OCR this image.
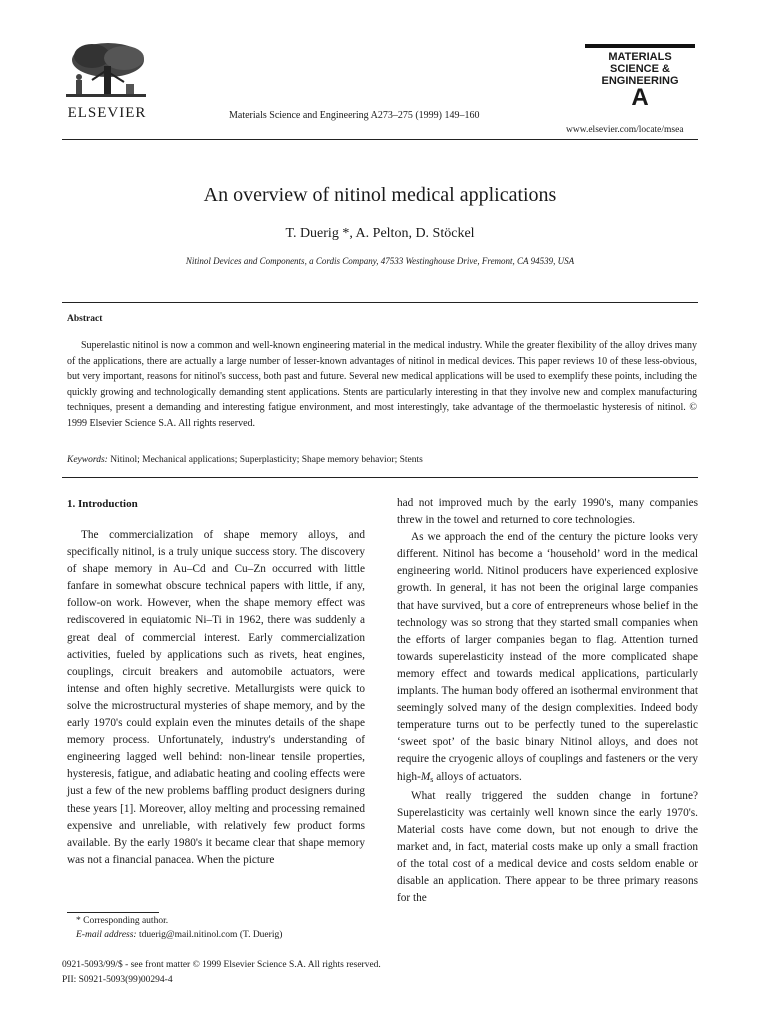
ELSEVIER	Materials Science and Engineering A273–275 (1999) 149–160
MATERIALS
SCIENCE &
ENGINEERING
A
www.elsevier.com/locate/msea
An overview of nitinol medical applications
T. Duerig *, A. Pelton, D. Stöckel
Nitinol Devices and Components, a Cordis Company, 47533 Westinghouse Drive, Fremont, CA 94539, USA
Abstract
Superelastic nitinol is now a common and well-known engineering material in the medical industry. While the greater flexibility of the alloy drives many of the applications, there are actually a large number of lesser-known advantages of nitinol in medical devices. This paper reviews 10 of these less-obvious, but very important, reasons for nitinol's success, both past and future. Several new medical applications will be used to exemplify these points, including the quickly growing and technologically demanding stent applications. Stents are particularly interesting in that they involve new and complex manufacturing techniques, present a demanding and interesting fatigue environment, and most interestingly, take advantage of the thermoelastic hysteresis of nitinol. © 1999 Elsevier Science S.A. All rights reserved.
Keywords: Nitinol; Mechanical applications; Superplasticity; Shape memory behavior; Stents
1. Introduction

The commercialization of shape memory alloys, and specifically nitinol, is a truly unique success story. The discovery of shape memory in Au–Cd and Cu–Zn occurred with little fanfare in somewhat obscure technical papers with little, if any, follow-on work. However, when the shape memory effect was rediscovered in equiatomic Ni–Ti in 1962, there was suddenly a great deal of commercial interest. Early commercialization activities, fueled by applications such as rivets, heat engines, couplings, circuit breakers and automobile actuators, were intense and often highly secretive. Metallurgists were quick to solve the microstructural mysteries of shape memory, and by the early 1970's could explain even the minutes details of the shape memory process. Unfortunately, industry's understanding of engineering lagged well behind: non-linear tensile properties, hysteresis, fatigue, and adiabatic heating and cooling effects were just a few of the new problems baffling product designers during these years [1]. Moreover, alloy melting and processing remained expensive and unreliable, with relatively few product forms available. By the early 1980's it became clear that shape memory was not a financial panacea. When the picture

had not improved much by the early 1990's, many companies threw in the towel and returned to core technologies.

As we approach the end of the century the picture looks very different. Nitinol has become a ‘household’ word in the medical engineering world. Nitinol producers have experienced explosive growth. In general, it has not been the original large companies that have survived, but a core of entrepreneurs whose belief in the technology was so strong that they started small companies when the efforts of larger companies began to flag. Attention turned towards superelasticity instead of the more complicated shape memory effect and towards medical applications, particularly implants. The human body offered an isothermal environment that seemingly solved many of the design complexities. Indeed body temperature turns out to be perfectly tuned to the superelastic ‘sweet spot’ of the basic binary Nitinol alloys, and does not require the cryogenic alloys of couplings and fasteners or the very high-$M_s$ alloys of actuators.

What really triggered the sudden change in fortune? Superelasticity was certainly well known since the early 1970's. Material costs have come down, but not enough to drive the market and, in fact, material costs make up only a small fraction of the total cost of a medical device and costs seldom enable or disable an application. There appear to be three primary reasons for the

* Corresponding author.
E-mail address: tduerig@mail.nitinol.com (T. Duerig)
0921-5093/99/$ - see front matter © 1999 Elsevier Science S.A. All rights reserved.
PII: S0921-5093(99)00294-4
